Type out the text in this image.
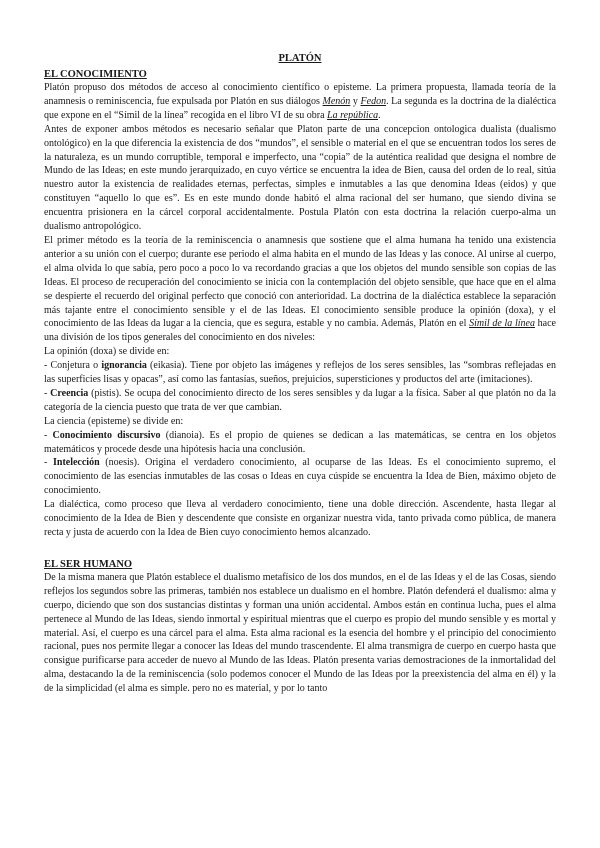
PLATÓN
EL CONOCIMIENTO

Platón propuso dos métodos de acceso al conocimiento científico o episteme. La primera propuesta, llamada teoría de la anamnesis o reminiscencia, fue expulsada por Platón en sus diálogos Menón y Fedon. La segunda es la doctrina de la dialéctica que expone en el “Símil de la línea” recogida en el libro VI de su obra La república.

Antes de exponer ambos métodos es necesario señalar que Platon parte de una concepcion ontologica dualista (dualismo ontológico) en la que diferencia la existencia de dos “mundos”, el sensible o material en el que se encuentran todos los seres de la naturaleza, es un mundo corruptible, temporal e imperfecto, una “copia” de la auténtica realidad que designa el nombre de Mundo de las Ideas; en este mundo jerarquizado, en cuyo vértice se encuentra la idea de Bien, causa del orden de lo real, sitúa nuestro autor la existencia de realidades eternas, perfectas, simples e inmutables a las que denomina Ideas (eidos) y que constituyen “aquello lo que es”. Es en este mundo donde habitó el alma racional del ser humano, que siendo divina se encuentra prisionera en la cárcel corporal accidentalmente. Postula Platón con esta doctrina la relación cuerpo-alma un dualismo antropológico.

El primer método es la teoría de la reminiscencia o anamnesis que sostiene que el alma humana ha tenido una existencia anterior a su unión con el cuerpo; durante ese periodo el alma habita en el mundo de las Ideas y las conoce. Al unirse al cuerpo, el alma olvida lo que sabía, pero poco a poco lo va recordando gracias a que los objetos del mundo sensible son copias de las Ideas. El proceso de recuperación del conocimiento se inicia con la contemplación del objeto sensible, que hace que en el alma se despierte el recuerdo del original perfecto que conoció con anterioridad. La doctrina de la dialéctica establece la separación más tajante entre el conocimiento sensible y el de las Ideas. El conocimiento sensible produce la opinión (doxa), y el conocimiento de las Ideas da lugar a la ciencia, que es segura, estable y no cambia. Además, Platón en el Símil de la línea hace una división de los tipos generales del conocimiento en dos niveles:

La opinión (doxa) se divide en:

- Conjetura o ignorancia (eikasia). Tiene por objeto las imágenes y reflejos de los seres sensibles, las “sombras reflejadas en las superficies lisas y opacas”, así como las fantasías, sueños, prejuicios, supersticiones y productos del arte (imitaciones).

- Creencia (pistis). Se ocupa del conocimiento directo de los seres sensibles y da lugar a la física. Saber al que platón no da la categoría de la ciencia puesto que trata de ver que cambian.

La ciencia (episteme) se divide en:

- Conocimiento discursivo (dianoia). Es el propio de quienes se dedican a las matemáticas, se centra en los objetos matemáticos y procede desde una hipótesis hacia una conclusión.

- Intelección (noesis). Origina el verdadero conocimiento, al ocuparse de las Ideas. Es el conocimiento supremo, el conocimiento de las esencias inmutables de las cosas o Ideas en cuya cúspide se encuentra la Idea de Bien, máximo objeto de conocimiento.

La dialéctica, como proceso que lleva al verdadero conocimiento, tiene una doble dirección. Ascendente, hasta llegar al conocimiento de la Idea de Bien y descendente que consiste en organizar nuestra vida, tanto privada como pública, de manera recta y justa de acuerdo con la Idea de Bien cuyo conocimiento hemos alcanzado.

EL SER HUMANO

De la misma manera que Platón establece el dualismo metafísico de los dos mundos, en el de las Ideas y el de las Cosas, siendo reflejos los segundos sobre las primeras, también nos establece un dualismo en el hombre. Platón defenderá el dualismo: alma y cuerpo, diciendo que son dos sustancias distintas y forman una unión accidental. Ambos están en continua lucha, pues el alma pertenece al Mundo de las Ideas, siendo inmortal y espiritual mientras que el cuerpo es propio del mundo sensible y es mortal y material. Así, el cuerpo es una cárcel para el alma. Esta alma racional es la esencia del hombre y el principio del conocimiento racional, pues nos permite llegar a conocer las Ideas del mundo trascendente. El alma transmigra de cuerpo en cuerpo hasta que consigue purificarse para acceder de nuevo al Mundo de las Ideas. Platón presenta varias demostraciones de la inmortalidad del alma, destacando la de la reminiscencia (solo podemos conocer el Mundo de las Ideas por la preexistencia del alma en él) y la de la simplicidad (el alma es simple. pero no es material, y por lo tanto
